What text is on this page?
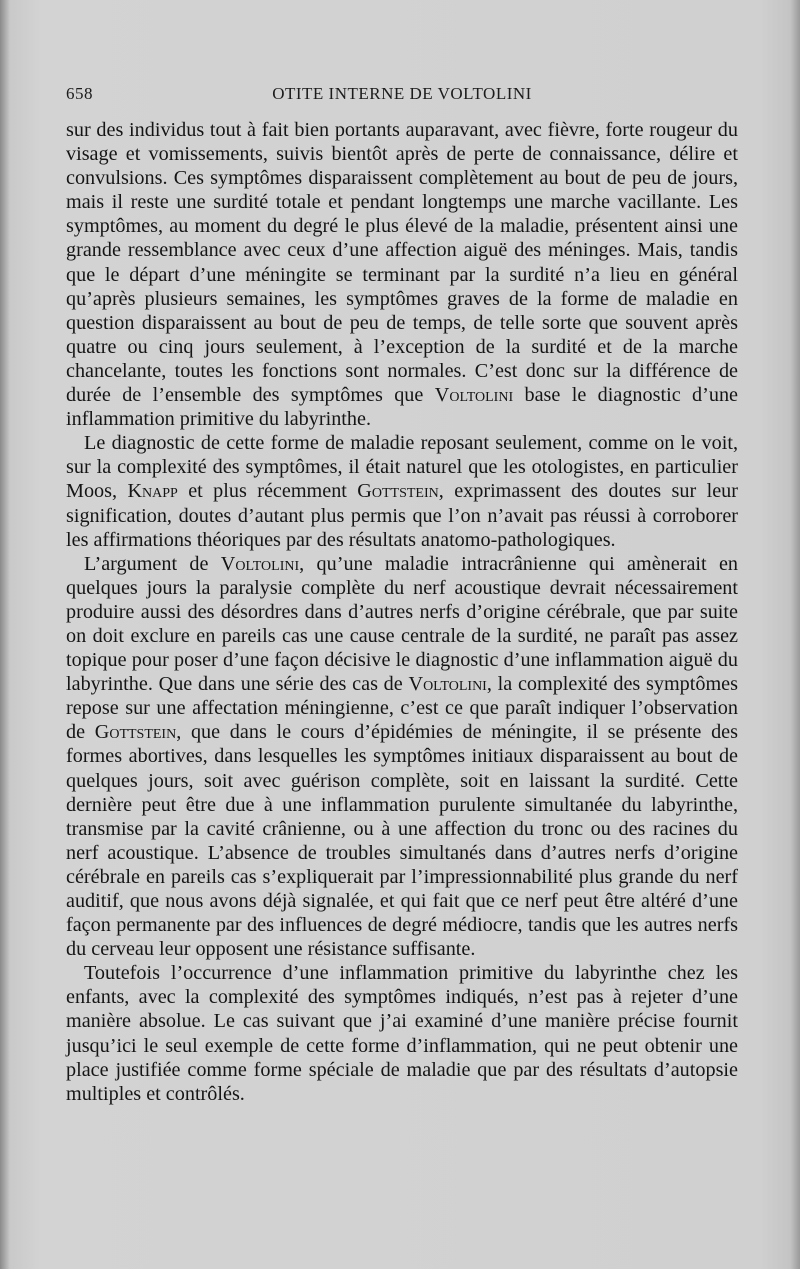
658	OTITE INTERNE DE VOLTOLINI

sur des individus tout à fait bien portants auparavant, avec fièvre, forte rougeur du visage et vomissements, suivis bientôt après de perte de connaissance, délire et convulsions. Ces symptômes disparaissent complètement au bout de peu de jours, mais il reste une surdité totale et pendant longtemps une marche vacillante. Les symptômes, au moment du degré le plus élevé de la maladie, présentent ainsi une grande ressemblance avec ceux d’une affection aiguë des méninges. Mais, tandis que le départ d’une méningite se terminant par la surdité n’a lieu en général qu’après plusieurs semaines, les symptômes graves de la forme de maladie en question disparaissent au bout de peu de temps, de telle sorte que souvent après quatre ou cinq jours seulement, à l’exception de la surdité et de la marche chancelante, toutes les fonctions sont normales. C’est donc sur la différence de durée de l’ensemble des symptômes que Voltolini base le diagnostic d’une inflammation primitive du labyrinthe.

Le diagnostic de cette forme de maladie reposant seulement, comme on le voit, sur la complexité des symptômes, il était naturel que les otologistes, en particulier Moos, Knapp et plus récemment Gottstein, exprimassent des doutes sur leur signification, doutes d’autant plus permis que l’on n’avait pas réussi à corroborer les affirmations théoriques par des résultats anatomo-pathologiques.

L’argument de Voltolini, qu’une maladie intracrânienne qui amènerait en quelques jours la paralysie complète du nerf acoustique devrait nécessairement produire aussi des désordres dans d’autres nerfs d’origine cérébrale, que par suite on doit exclure en pareils cas une cause centrale de la surdité, ne paraît pas assez topique pour poser d’une façon décisive le diagnostic d’une inflammation aiguë du labyrinthe. Que dans une série des cas de Voltolini, la complexité des symptômes repose sur une affectation méningienne, c’est ce que paraît indiquer l’observation de Gottstein, que dans le cours d’épidémies de méningite, il se présente des formes abortives, dans lesquelles les symptômes initiaux disparaissent au bout de quelques jours, soit avec guérison complète, soit en laissant la surdité. Cette dernière peut être due à une inflammation purulente simultanée du labyrinthe, transmise par la cavité crânienne, ou à une affection du tronc ou des racines du nerf acoustique. L’absence de troubles simultanés dans d’autres nerfs d’origine cérébrale en pareils cas s’expliquerait par l’impressionnabilité plus grande du nerf auditif, que nous avons déjà signalée, et qui fait que ce nerf peut être altéré d’une façon permanente par des influences de degré médiocre, tandis que les autres nerfs du cerveau leur opposent une résistance suffisante.

Toutefois l’occurrence d’une inflammation primitive du labyrinthe chez les enfants, avec la complexité des symptômes indiqués, n’est pas à rejeter d’une manière absolue. Le cas suivant que j’ai examiné d’une manière précise fournit jusqu’ici le seul exemple de cette forme d’inflammation, qui ne peut obtenir une place justifiée comme forme spéciale de maladie que par des résultats d’autopsie multiples et contrôlés.
